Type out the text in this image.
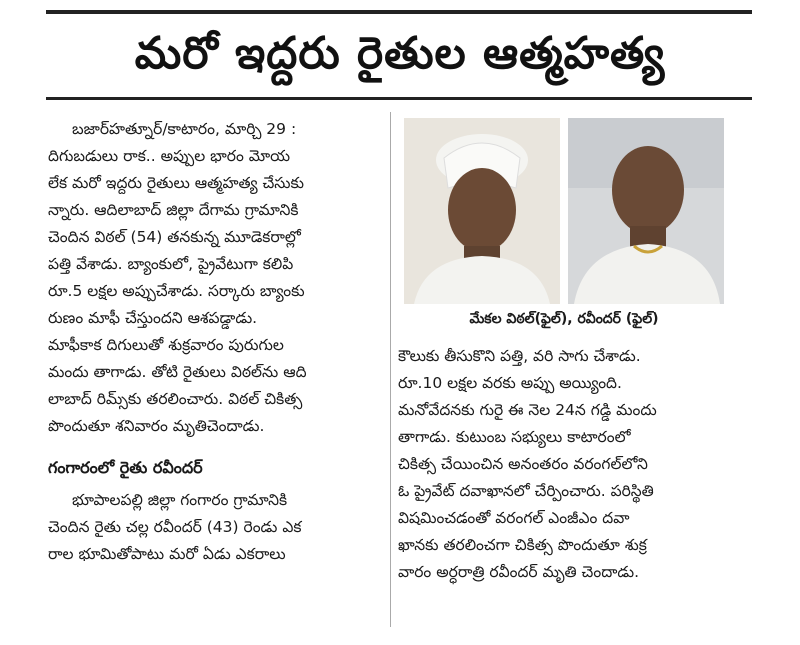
మరో ఇద్దరు రైతుల ఆత్మహత్య

బజార్‌హత్నూర్/కాటారం, మార్చి 29 :

దిగుబడులు రాక.. అప్పుల భారం మోయ

లేక మరో ఇద్దరు రైతులు ఆత్మహత్య చేసుకు

న్నారు. ఆదిలాబాద్ జిల్లా దేగామ గ్రామానికి

చెందిన విఠల్ (54) తనకున్న మూడెకరాల్లో

పత్తి వేశాడు. బ్యాంకులో, ప్రైవేటుగా కలిపి

రూ.5 లక్షల అప్పుచేశాడు. సర్కారు బ్యాంకు

రుణం మాఫీ చేస్తుందని ఆశపడ్డాడు.

మాఫీకాక దిగులుతో శుక్రవారం పురుగుల

మందు తాగాడు. తోటి రైతులు విఠల్‌ను ఆది

లాబాద్ రిమ్స్‌కు తరలించారు. విఠల్ చికిత్స

పొందుతూ శనివారం మృతిచెందాడు.

గంగారంలో రైతు రవీందర్

భూపాలపల్లి జిల్లా గంగారం గ్రామానికి

చెందిన రైతు చల్ల రవీందర్ (43) రెండు ఎక

రాల భూమితోపాటు మరో ఏడు ఎకరాలు

మేకల విఠల్(ఫైల్), రవీందర్ (ఫైల్)

కౌలుకు తీసుకొని పత్తి, వరి సాగు చేశాడు.

రూ.10 లక్షల వరకు అప్పు అయ్యింది.

మనోవేదనకు గురై ఈ నెల 24న గడ్డి మందు

తాగాడు. కుటుంబ సభ్యులు కాటారంలో

చికిత్స చేయించిన అనంతరం వరంగల్‌లోని

ఓ ప్రైవేట్ దవాఖానలో చేర్పించారు. పరిస్థితి

విషమించడంతో వరంగల్ ఎంజీఎం దవా

ఖానకు తరలించగా చికిత్స పొందుతూ శుక్ర

వారం అర్ధరాత్రి రవీందర్ మృతి చెందాడు.
